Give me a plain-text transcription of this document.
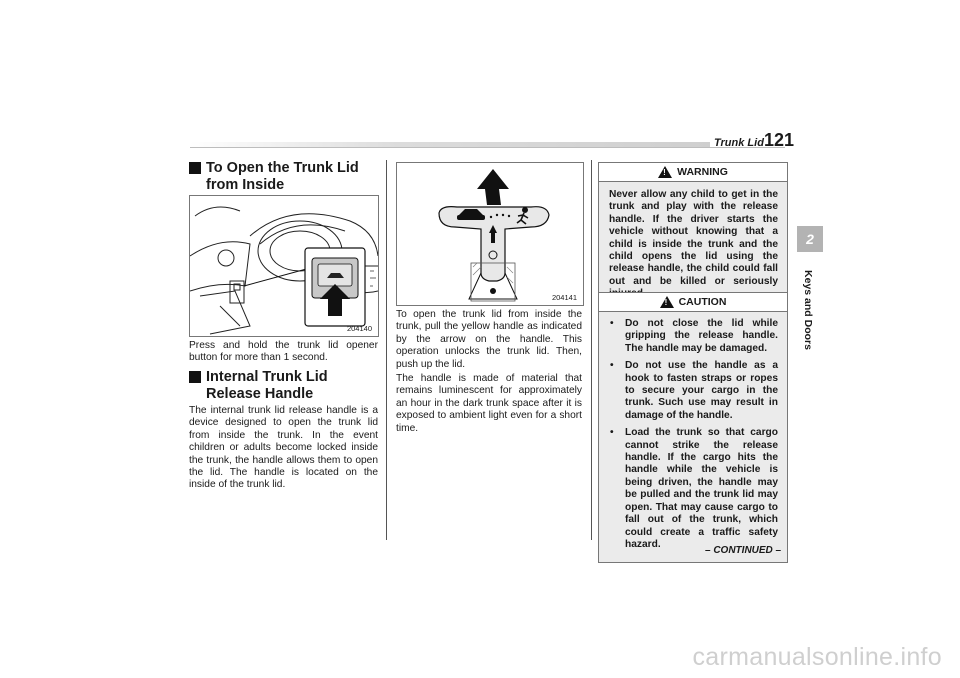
Trunk Lid 121
2
Keys and Doors
To Open the Trunk Lid from Inside
204140

Press and hold the trunk lid opener button for more than 1 second.

Internal Trunk Lid Release Handle

The internal trunk lid release handle is a device designed to open the trunk lid from inside the trunk. In the event children or adults become locked inside the trunk, the handle allows them to open the lid. The handle is located on the inside of the trunk lid.

204141

To open the trunk lid from inside the trunk, pull the yellow handle as indicated by the arrow on the handle. This operation unlocks the trunk lid. Then, push up the lid.

The handle is made of material that remains luminescent for approximately an hour in the dark trunk space after it is exposed to ambient light even for a short time.

!
WARNING
Never allow any child to get in the trunk and play with the release handle. If the driver starts the vehicle without knowing that a child is inside the trunk and the child opens the lid using the release handle, the child could fall out and be killed or seriously
!
CAUTION
• Do not close the lid while gripping the release handle. The handle may be damaged.
• Do not use the handle as a hook to fasten straps or ropes to secure your cargo in the trunk. Such use may result in damage of the handle.
• Load the trunk so that cargo cannot strike the release handle. If the cargo hits the handle while the vehicle is being driven, the handle may be pulled and the trunk lid may open. That may cause cargo to fall out of the trunk, which could create a traffic safety hazard.
– CONTINUED –
carmanualsonline.info
